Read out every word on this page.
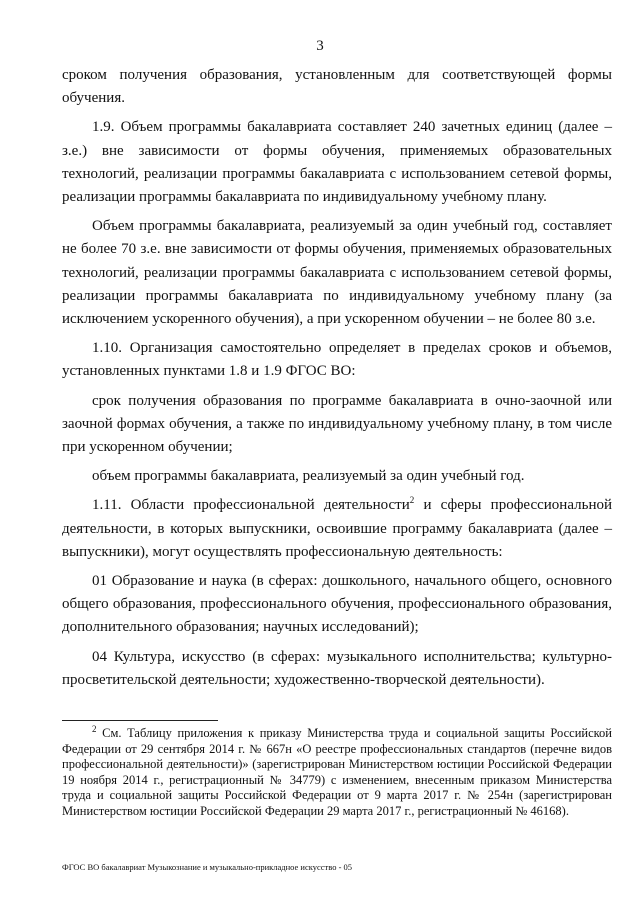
3

сроком получения образования, установленным для соответствующей формы обучения.

1.9. Объем программы бакалавриата составляет 240 зачетных единиц (далее – з.е.) вне зависимости от формы обучения, применяемых образовательных технологий, реализации программы бакалавриата с использованием сетевой формы, реализации программы бакалавриата по индивидуальному учебному плану.

Объем программы бакалавриата, реализуемый за один учебный год, составляет не более 70 з.е. вне зависимости от формы обучения, применяемых образовательных технологий, реализации программы бакалавриата с использованием сетевой формы, реализации программы бакалавриата по индивидуальному учебному плану (за исключением ускоренного обучения), а при ускоренном обучении – не более 80 з.е.

1.10. Организация самостоятельно определяет в пределах сроков и объемов, установленных пунктами 1.8 и 1.9 ФГОС ВО:

срок получения образования по программе бакалавриата в очно-заочной или заочной формах обучения, а также по индивидуальному учебному плану, в том числе при ускоренном обучении;

объем программы бакалавриата, реализуемый за один учебный год.

1.11. Области профессиональной деятельности$^2$ и сферы профессиональной деятельности, в которых выпускники, освоившие программу бакалавриата (далее – выпускники), могут осуществлять профессиональную деятельность:

01 Образование и наука (в сферах: дошкольного, начального общего, основного общего образования, профессионального обучения, профессионального образования, дополнительного образования; научных исследований);

04 Культура, искусство (в сферах: музыкального исполнительства; культурно-просветительской деятельности; художественно-творческой деятельности).

$^2$ См. Таблицу приложения к приказу Министерства труда и социальной защиты Российской Федерации от 29 сентября 2014 г. № 667н «О реестре профессиональных стандартов (перечне видов профессиональной деятельности)» (зарегистрирован Министерством юстиции Российской Федерации 19 ноября 2014 г., регистрационный № 34779) с изменением, внесенным приказом Министерства труда и социальной защиты Российской Федерации от 9 марта 2017 г. № 254н (зарегистрирован Министерством юстиции Российской Федерации 29 марта 2017 г., регистрационный № 46168).
ФГОС ВО бакалавриат Музыкознание и музыкально-прикладное искусство - 05
